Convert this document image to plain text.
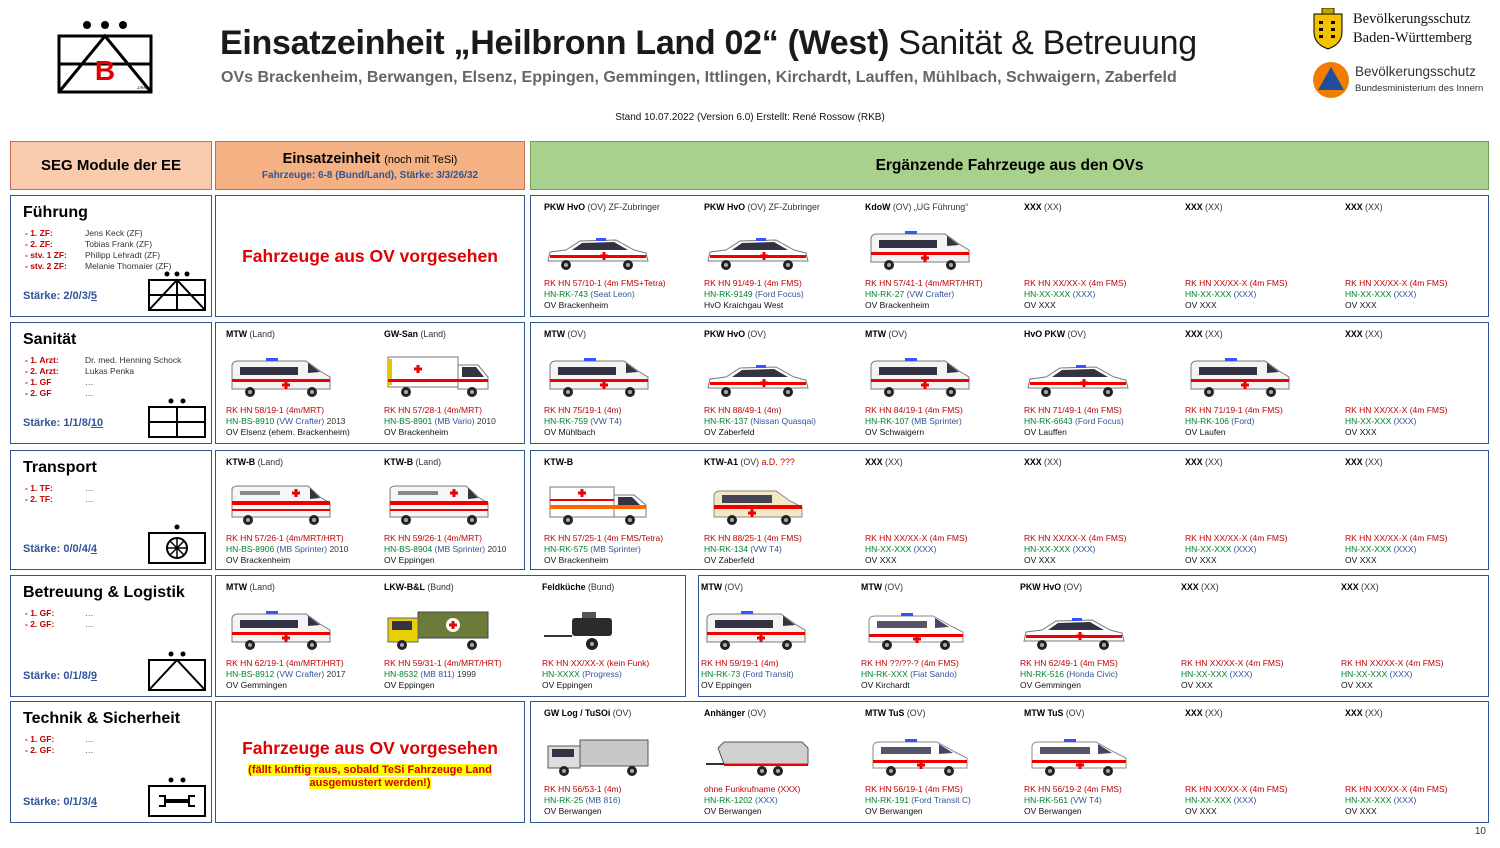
B
Z/RKB
Einsatzeinheit „Heilbronn Land 02“ (West) Sanität & Betreuung
OVs Brackenheim, Berwangen, Elsenz, Eppingen, Gemmingen, Ittlingen, Kirchardt, Lauffen, Mühlbach, Schwaigern, Zaberfeld
Stand 10.07.2022 (Version 6.0) Erstellt: René Rossow (RKB)
Bevölkerungsschutz
Baden-Württemberg
Bevölkerungsschutz
Bundesministerium des Innern
SEG Module der EE	Einsatzeinheit (noch mit TeSi)
Fahrzeuge: 6-8 (Bund/Land), Stärke: 3/3/26/32
Ergänzende Fahrzeuge aus den OVs
Führung
- 1. ZF:	Jens Keck (ZF)
- 2. ZF:	Tobias Frank (ZF)
- stv. 1 ZF: Philipp Lehradt (ZF)
- stv. 2 ZF: Melanie Thomaier (ZF)
Stärke: 2/0/3/5
Fahrzeuge aus OV vorgesehen
PKW HvO (OV) ZF-Zubringer
RK HN 57/10-1 (4m FMS+Tetra)
HN-RK-743 (Seat Leon)
OV Brackenheim
PKW HvO (OV) ZF-Zubringer
RK HN 91/49-1 (4m FMS)
HN-RK-9149 (Ford Focus)
HvO Kraichgau West
KdoW (OV) „UG Führung“
RK HN 57/41-1 (4m/MRT/HRT)
HN-RK-27 (VW Crafter)
OV Brackenheim
XXX (XX)
RK HN XX/XX-X (4m FMS)
HN-XX-XXX (XXX)
OV XXX
XXX (XX)
RK HN XX/XX-X (4m FMS)
HN-XX-XXX (XXX)
OV XXX
XXX (XX)
RK HN XX/XX-X (4m FMS)
HN-XX-XXX (XXX)
OV XXX
Sanität
- 1. Arzt:	Dr. med. Henning Schock
- 2. Arzt:	Lukas Penka
- 1. GF	…
- 2. GF	…
Stärke: 1/1/8/10
MTW (Land)
RK HN 58/19-1 (4m/MRT)
HN-BS-8910 (VW Crafter) 2013
OV Elsenz (ehem. Brackenheim)
GW-San (Land)
RK HN 57/28-1 (4m/MRT)
HN-BS-8901 (MB Vario) 2010
OV Brackenheim
MTW (OV)
RK HN 75/19-1 (4m)
HN-RK-759 (VW T4)
OV Mühlbach
PKW HvO (OV)
RK HN 88/49-1 (4m)
HN-RK-137 (Nissan Quasqai)
OV Zaberfeld
MTW (OV)
RK HN 84/19-1 (4m FMS)
HN-RK-107 (MB Sprinter)
OV Schwaigern
HvO PKW (OV)
RK HN 71/49-1 (4m FMS)
HN-RK-6643 (Ford Focus)
OV Lauffen
XXX (XX)
RK HN 71/19-1 (4m FMS)
HN-RK-106 (Ford)
OV Laufen
XXX (XX)
RK HN XX/XX-X (4m FMS)
HN-XX-XXX (XXX)
OV XXX
Transport
- 1. TF:	…
- 2. TF:	…
Stärke: 0/0/4/4
KTW-B (Land)
RK HN 57/26-1 (4m/MRT/HRT)
HN-BS-8906 (MB Sprinter) 2010
OV Brackenheim
KTW-B (Land)
RK HN 59/26-1 (4m/MRT)
HN-BS-8904 (MB Sprinter) 2010
OV Eppingen
KTW-B
RK HN 57/25-1 (4m FMS/Tetra)
HN-RK-575 (MB Sprinter)
OV Brackenheim
KTW-A1 (OV) a.D. ???
RK HN 88/25-1 (4m FMS)
HN-RK-134 (VW T4)
OV Zaberfeld
XXX (XX)
RK HN XX/XX-X (4m FMS)
HN-XX-XXX (XXX)
OV XXX
XXX (XX)
RK HN XX/XX-X (4m FMS)
HN-XX-XXX (XXX)
OV XXX
XXX (XX)
RK HN XX/XX-X (4m FMS)
HN-XX-XXX (XXX)
OV XXX
XXX (XX)
RK HN XX/XX-X (4m FMS)
HN-XX-XXX (XXX)
OV XXX
Betreuung & Logistik
- 1. GF:	…
- 2. GF:	…
Stärke: 0/1/8/9
MTW (Land)
RK HN 62/19-1 (4m/MRT/HRT)
HN-BS-8912 (VW Crafter) 2017
OV Gemmingen
LKW-B&L (Bund)
RK HN 59/31-1 (4m/MRT/HRT)
HN-8532 (MB 811) 1999
OV Eppingen
Feldküche (Bund)
RK HN XX/XX-X (kein Funk)
HN-XXXX (Progress)
OV Eppingen
MTW (OV)
RK HN 59/19-1 (4m)
HN-RK-73 (Ford Transit)
OV Eppingen
MTW (OV)
RK HN ??/??-? (4m FMS)
HN-RK-XXX (Fiat Sando)
OV Kirchardt
PKW HvO (OV)
RK HN 62/49-1 (4m FMS)
HN-RK-516 (Honda Civic)
OV Gemmingen
XXX (XX)
RK HN XX/XX-X (4m FMS)
HN-XX-XXX (XXX)
OV XXX
XXX (XX)
RK HN XX/XX-X (4m FMS)
HN-XX-XXX (XXX)
OV XXX
Technik & Sicherheit
- 1. GF:	…
- 2. GF:	…
Stärke: 0/1/3/4
Fahrzeuge aus OV vorgesehen
(fällt künftig raus, sobald TeSi Fahrzeuge Land
ausgemustert werden!)
GW Log / TuSOi (OV)
RK HN 56/53-1 (4m)
HN-RK-25 (MB 816)
OV Berwangen
Anhänger (OV)
ohne Funkrufname (XXX)
HN-RK-1202 (XXX)
OV Berwangen
MTW TuS (OV)
RK HN 56/19-1 (4m FMS)
HN-RK-191 (Ford Transit C)
OV Berwangen
MTW TuS (OV)
RK HN 56/19-2 (4m FMS)
HN-RK-561 (VW T4)
OV Berwangen
XXX (XX)
RK HN XX/XX-X (4m FMS)
HN-XX-XXX (XXX)
OV XXX
XXX (XX)
RK HN XX/XX-X (4m FMS)
HN-XX-XXX (XXX)
OV XXX
10
